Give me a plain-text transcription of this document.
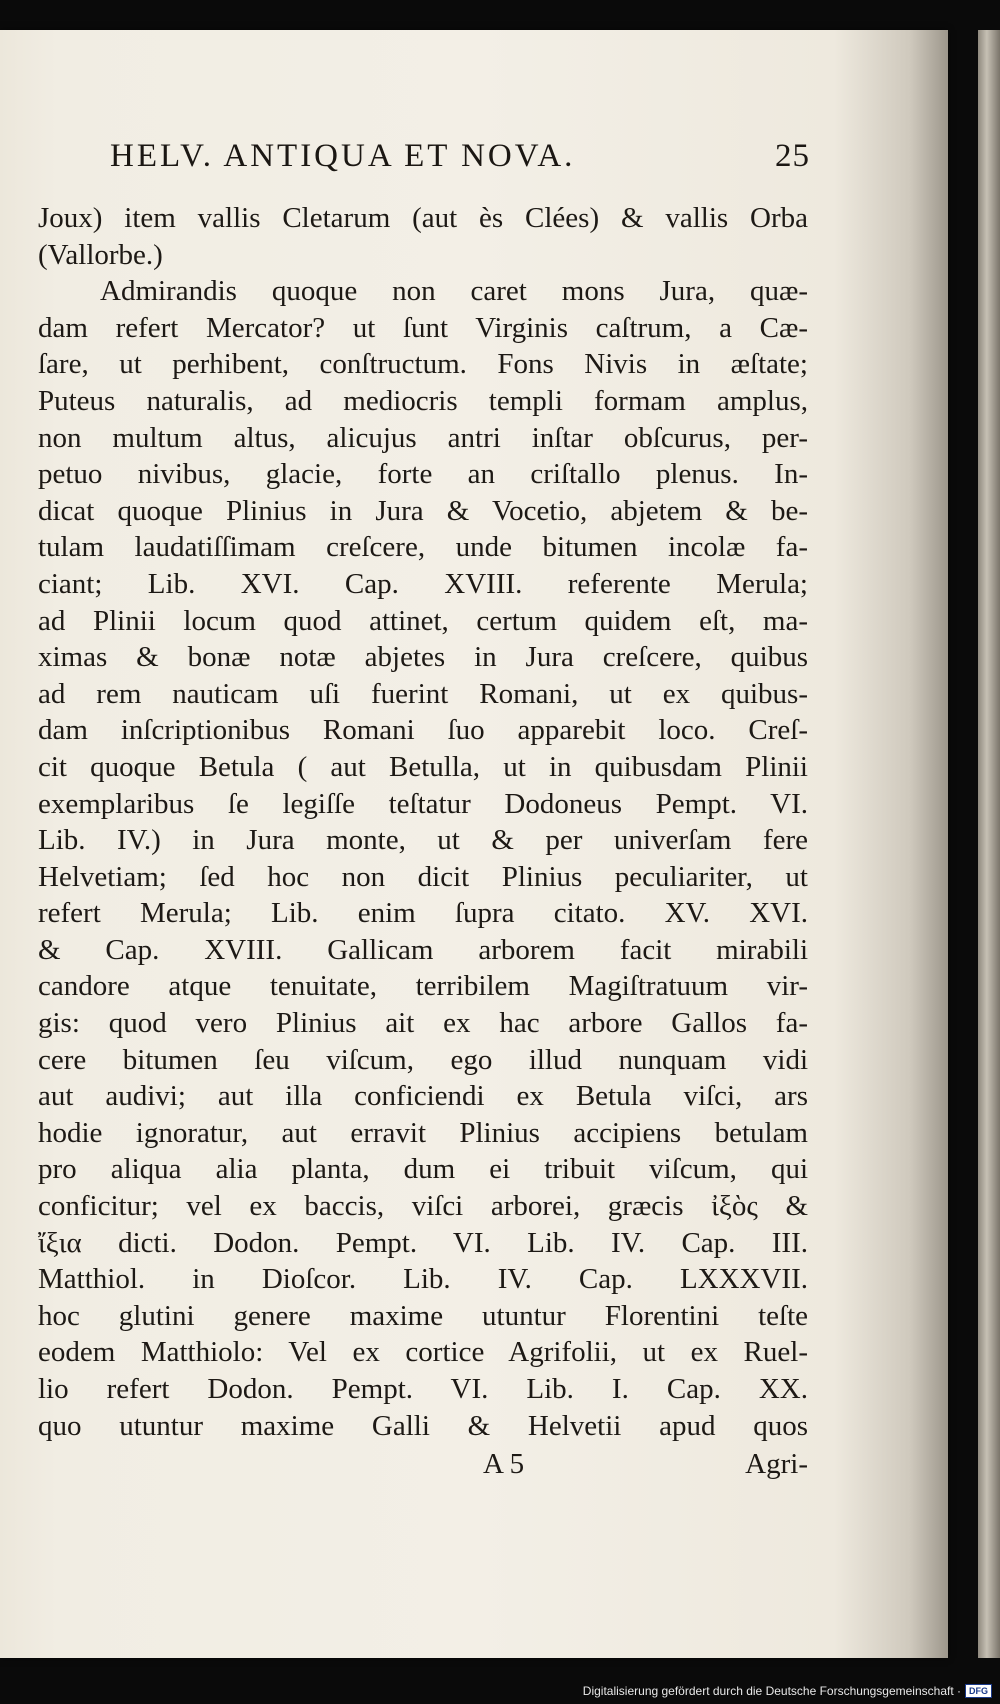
HELV. ANTIQUA ET NOVA.	25
Joux) item vallis Cletarum (aut ès Clées) & vallis Orba
(Vallorbe.)
Admirandis quoque non caret mons Jura, quæ-
dam refert Mercator? ut ſunt Virginis caſtrum, a Cæ-
ſare, ut perhibent, conſtructum. Fons Nivis in æſtate;
Puteus naturalis, ad mediocris templi formam amplus,
non multum altus, alicujus antri inſtar obſcurus, per-
petuo nivibus, glacie, forte an criſtallo plenus. In-
dicat quoque Plinius in Jura & Vocetio, abjetem & be-
tulam laudatiſſimam creſcere, unde bitumen incolæ fa-
ciant; Lib. XVI. Cap. XVIII. referente Merula;
ad Plinii locum quod attinet, certum quidem eſt, ma-
ximas & bonæ notæ abjetes in Jura creſcere, quibus
ad rem nauticam uſi fuerint Romani, ut ex quibus-
dam inſcriptionibus Romani ſuo apparebit loco. Creſ-
cit quoque Betula ( aut Betulla, ut in quibusdam Plinii
exemplaribus ſe legiſſe teſtatur Dodoneus Pempt. VI.
Lib. IV.) in Jura monte, ut & per univerſam fere
Helvetiam; ſed hoc non dicit Plinius peculiariter, ut
refert Merula; Lib. enim ſupra citato. XV. XVI.
& Cap. XVIII. Gallicam arborem facit mirabili
candore atque tenuitate, terribilem Magiſtratuum vir-
gis: quod vero Plinius ait ex hac arbore Gallos fa-
cere bitumen ſeu viſcum, ego illud nunquam vidi
aut audivi; aut illa conficiendi ex Betula viſci, ars
hodie ignoratur, aut erravit Plinius accipiens betulam
pro aliqua alia planta, dum ei tribuit viſcum, qui
conficitur; vel ex baccis, viſci arborei, græcis ἰξὸς &
ἴξια dicti. Dodon. Pempt. VI. Lib. IV. Cap. III.
Matthiol. in Dioſcor. Lib. IV. Cap. LXXXVII.
hoc glutini genere maxime utuntur Florentini teſte
eodem Matthiolo: Vel ex cortice Agrifolii, ut ex Ruel-
lio refert Dodon. Pempt. VI. Lib. I. Cap. XX.
quo utuntur maxime Galli & Helvetii apud quos
A 5	Agri-
Digitalisierung gefördert durch die Deutsche Forschungsgemeinschaft · DFG
